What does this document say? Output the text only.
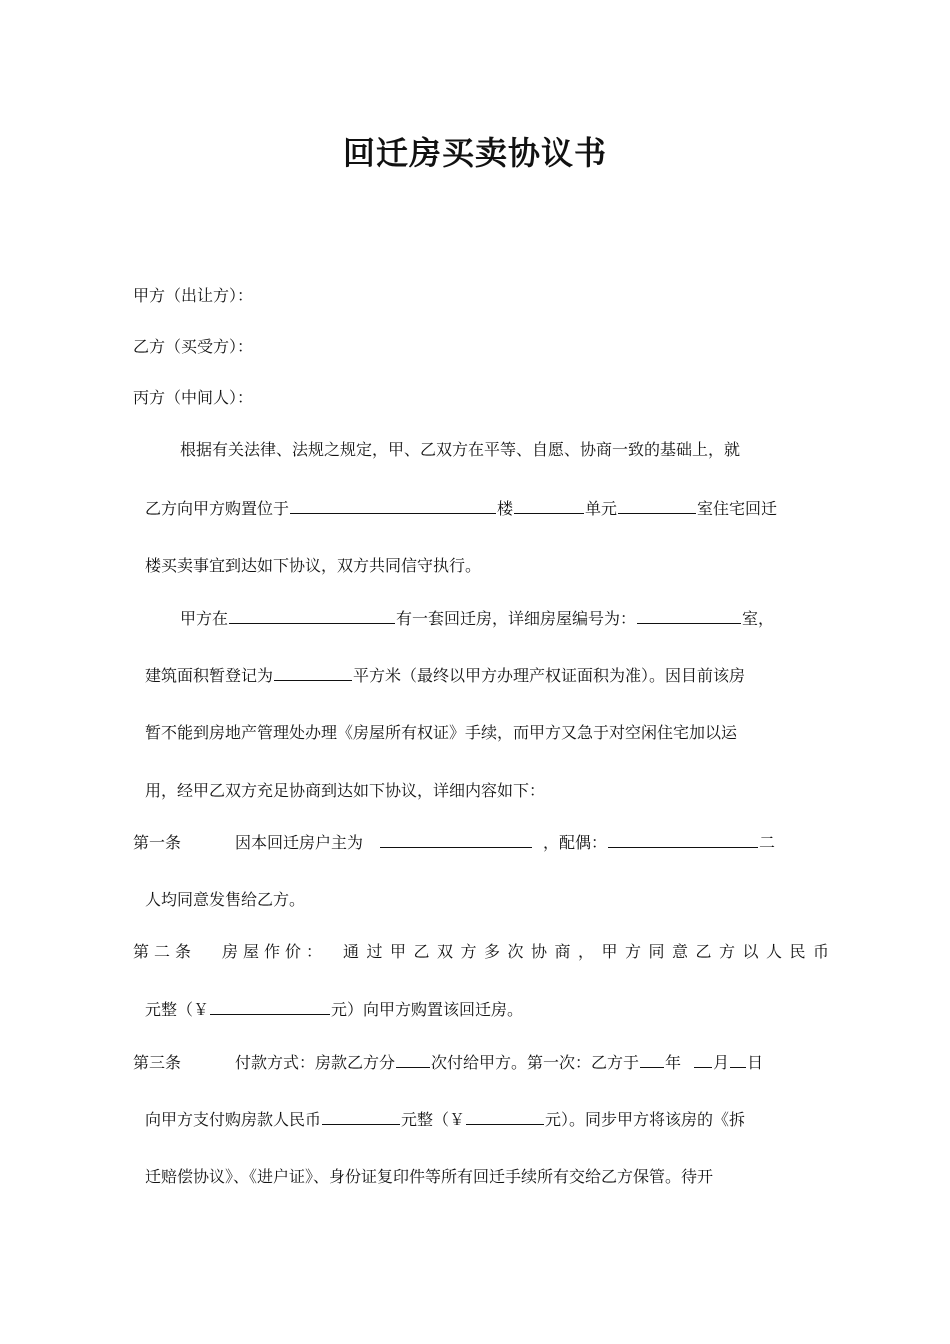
回迁房买卖协议书
甲方（出让方）：
乙方（买受方）：
丙方（中间人）：
根据有关法律、法规之规定，甲、乙双方在平等、自愿、协商一致的基础上，就
乙方向甲方购置位于	楼	单元	室住宅回迁
楼买卖事宜到达如下协议，双方共同信守执行。
甲方在	有一套回迁房，详细房屋编号为：	室，
建筑面积暂登记为	平方米（最终以甲方办理产权证面积为准）。因目前该房
暂不能到房地产管理处办理《房屋所有权证》手续，而甲方又急于对空闲住宅加以运
用，经甲乙双方充足协商到达如下协议，详细内容如下：
第一条	因本回迁房户主为	，配偶：	二
人均同意发售给乙方。
第二条 房屋作价： 通过甲乙双方多次协商，甲方同意乙方以人民币
元整（￥	元）向甲方购置该回迁房。
第三条	付款方式：房款乙方分 次付给甲方。第一次：乙方于 年 月 日
向甲方支付购房款人民币	元整（￥	元）。同步甲方将该房的《拆
迁赔偿协议》、《进户证》、身份证复印件等所有回迁手续所有交给乙方保管。待开
